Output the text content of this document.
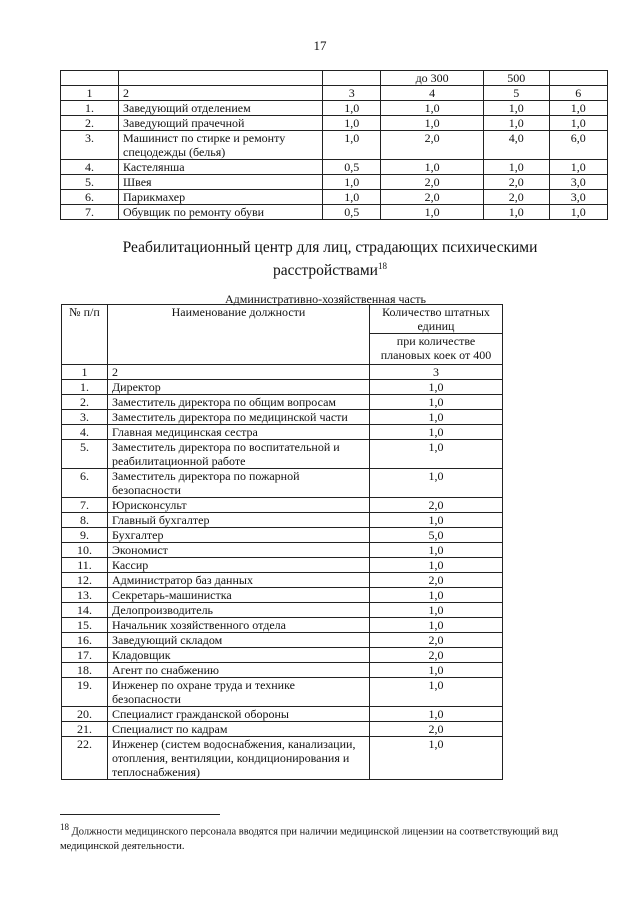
17
			до 300	500	
1	2	3	4	5	6
1.	Заведующий отделением	1,0	1,0	1,0	1,0
2.	Заведующий прачечной	1,0	1,0	1,0	1,0
3.	Машинист по стирке и ремонту спецодежды (белья)	1,0	2,0	4,0	6,0
4.	Кастелянша	0,5	1,0	1,0	1,0
5.	Швея	1,0	2,0	2,0	3,0
6.	Парикмахер	1,0	2,0	2,0	3,0
7.	Обувщик по ремонту обуви	0,5	1,0	1,0	1,0
Реабилитационный центр для лиц, страдающих психическими расстройствами$^{18}$
Административно-хозяйственная часть
№ п/п	Наименование должности	Количество штатных единиц
		при количестве плановых коек от 400
1	2	3
1.	Директор	1,0
2.	Заместитель директора по общим вопросам	1,0
3.	Заместитель директора по медицинской части	1,0
4.	Главная медицинская сестра	1,0
5.	Заместитель директора по воспитательной и реабилитационной работе	1,0
6.	Заместитель директора по пожарной безопасности	1,0
7.	Юрисконсульт	2,0
8.	Главный бухгалтер	1,0
9.	Бухгалтер	5,0
10.	Экономист	1,0
11.	Кассир	1,0
12.	Администратор баз данных	2,0
13.	Секретарь-машинистка	1,0
14.	Делопроизводитель	1,0
15.	Начальник хозяйственного отдела	1,0
16.	Заведующий складом	2,0
17.	Кладовщик	2,0
18.	Агент по снабжению	1,0
19.	Инженер по охране труда и технике безопасности	1,0
20.	Специалист гражданской обороны	1,0
21.	Специалист по кадрам	2,0
22.	Инженер (систем водоснабжения, канализации, отопления, вентиляции, кондиционирования и теплоснабжения)	1,0
$^{18}$ Должности медицинского персонала вводятся при наличии медицинской лицензии на соответствующий вид медицинской деятельности.
